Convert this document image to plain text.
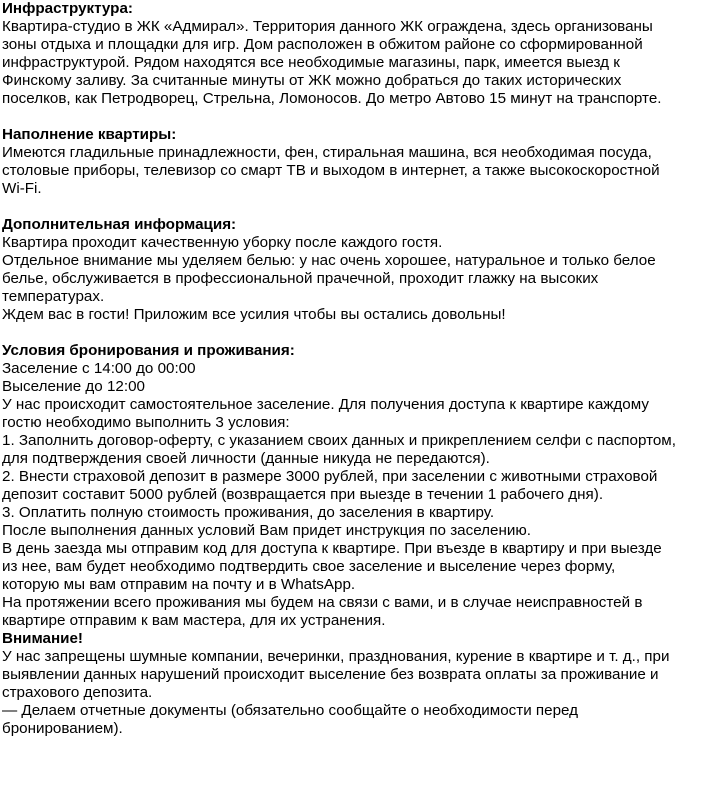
Инфраструктура:
Квартира-студио в ЖК «Адмирал». Территория данного ЖК ограждена, здесь организованы
зоны отдыха и площадки для игр. Дом расположен в обжитом районе со сформированной
инфраструктурой. Рядом находятся все необходимые магазины, парк, имеется выезд к
Финскому заливу. За считанные минуты от ЖК можно добраться до таких исторических
поселков, как Петродворец, Стрельна, Ломоносов. До метро Автово 15 минут на транспорте.
Наполнение квартиры:
Имеются гладильные принадлежности, фен, стиральная машина, вся необходимая посуда,
столовые приборы, телевизор со смарт ТВ и выходом в интернет, а также высокоскоростной
Wi-Fi.
Дополнительная информация:
Квартира проходит качественную уборку после каждого гостя.
Отдельное внимание мы уделяем белью: у нас очень хорошее, натуральное и только белое
белье, обслуживается в профессиональной прачечной, проходит глажку на высоких
температурах.
Ждем вас в гости! Приложим все усилия чтобы вы остались довольны!
Условия бронирования и проживания:
Заселение с 14:00 до 00:00
Выселение до 12:00
У нас происходит самостоятельное заселение. Для получения доступа к квартире каждому
гостю необходимо выполнить 3 условия:
1. Заполнить договор-оферту, с указанием своих данных и прикреплением селфи с паспортом,
для подтверждения своей личности (данные никуда не передаются).
2. Внести страховой депозит в размере 3000 рублей, при заселении с животными страховой
депозит составит 5000 рублей (возвращается при выезде в течении 1 рабочего дня).
3. Оплатить полную стоимость проживания, до заселения в квартиру.
После выполнения данных условий Вам придет инструкция по заселению.
В день заезда мы отправим код для доступа к квартире. При въезде в квартиру и при выезде
из нее, вам будет необходимо подтвердить свое заселение и выселение через форму,
которую мы вам отправим на почту и в WhatsApp.
На протяжении всего проживания мы будем на связи с вами, и в случае неисправностей в
квартире отправим к вам мастера, для их устранения.
Внимание!
У нас запрещены шумные компании, вечеринки, празднования, курение в квартире и т. д., при
выявлении данных нарушений происходит выселение без возврата оплаты за проживание и
страхового депозита.
— Делаем отчетные документы (обязательно сообщайте о необходимости перед
бронированием).
